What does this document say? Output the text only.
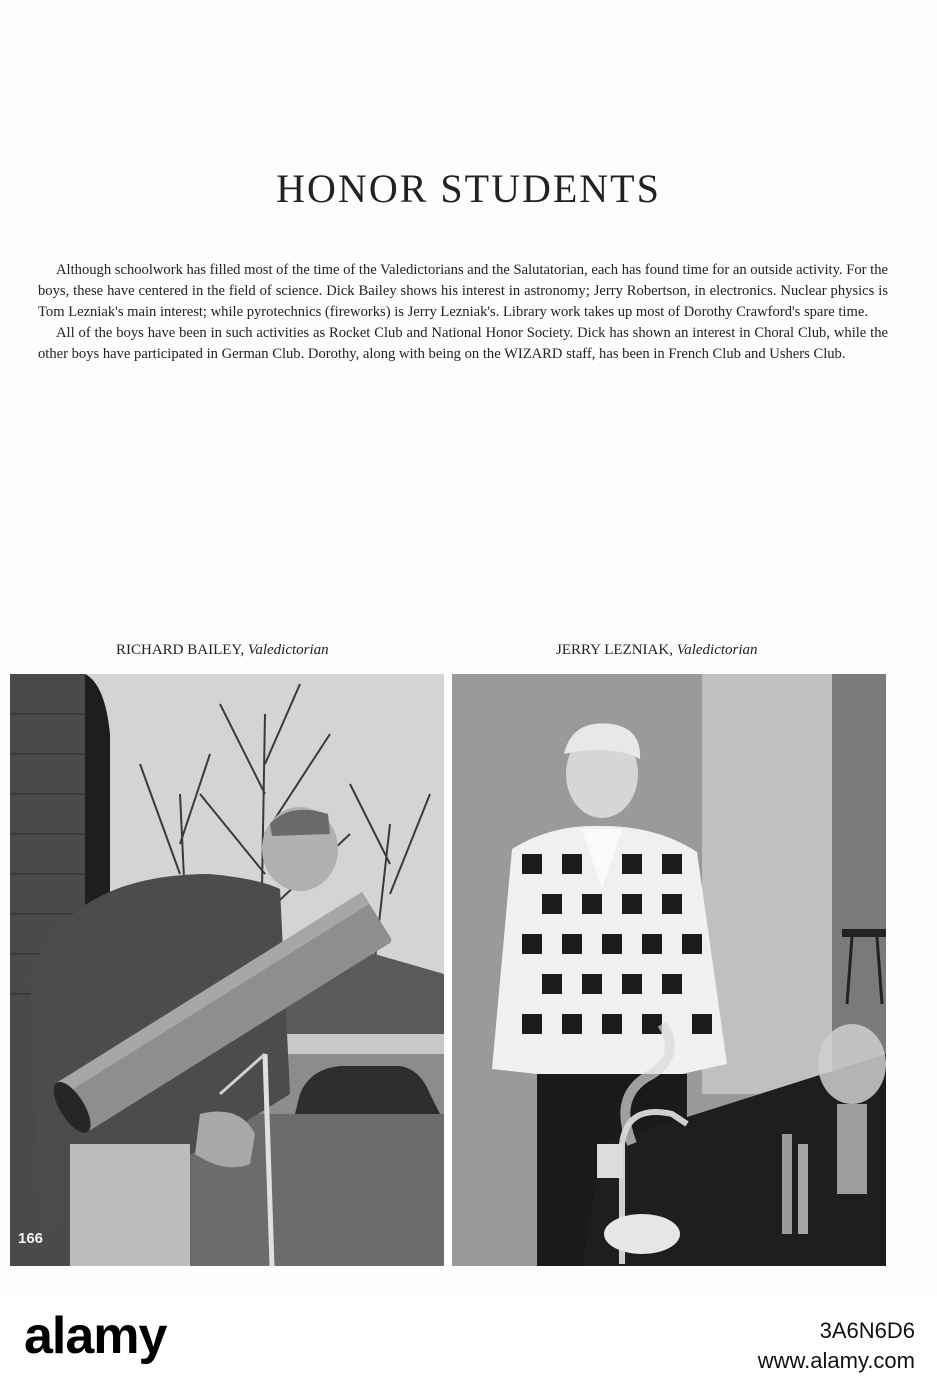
HONOR STUDENTS

Although schoolwork has filled most of the time of the Valedictorians and the Salutatorian, each has found time for an outside activity. For the boys, these have centered in the field of science. Dick Bailey shows his interest in astronomy; Jerry Robertson, in electronics. Nuclear physics is Tom Lezniak's main interest; while pyrotechnics (fireworks) is Jerry Lezniak's. Library work takes up most of Dorothy Crawford's spare time.

All of the boys have been in such activities as Rocket Club and National Honor Society. Dick has shown an interest in Choral Club, while the other boys have participated in German Club. Dorothy, along with being on the WIZARD staff, has been in French Club and Ushers Club.

RICHARD BAILEY, Valedictorian	JERRY LEZNIAK, Valedictorian
166
alamy	3A6N6D6
www.alamy.com
